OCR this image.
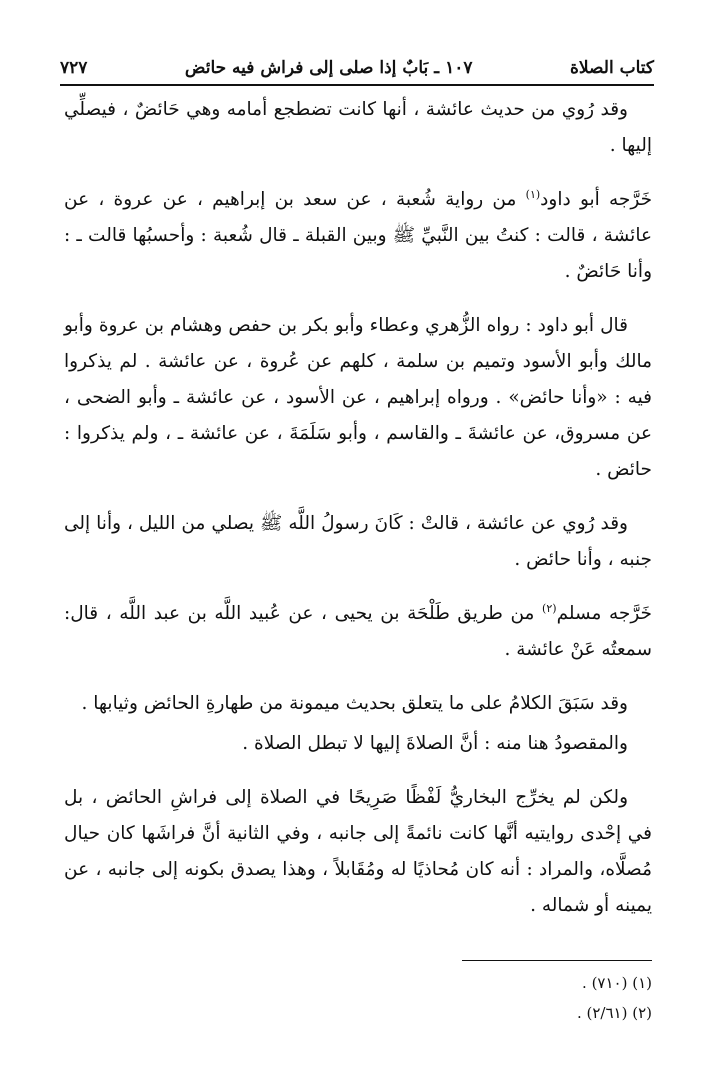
كتاب الصلاة
١٠٧ ـ بَابٌ إذا صلى إلى فراش فيه حائض
٧٢٧

وقد رُوي من حديث عائشة ، أنها كانت تضطجع أمامه وهي حَائضٌ ، فيصلِّي إليها .

خَرَّجه أبو داود$^{(١)}$ من رواية شُعبة ، عن سعد بن إبراهيم ، عن عروة ، عن عائشة ، قالت : كنتُ بين النَّبيِّ ﷺ وبين القبلة ـ قال شُعبة : وأحسبُها قالت ـ : وأنا حَائضٌ .

قال أبو داود : رواه الزُّهري وعطاء وأبو بكر بن حفص وهشام بن عروة وأبو مالك وأبو الأسود وتميم بن سلمة ، كلهم عن عُروة ، عن عائشة . لم يذكروا فيه : «وأنا حائض» . ورواه إبراهيم ، عن الأسود ، عن عائشة ـ وأبو الضحى ، عن مسروق، عن عائشةَ ـ والقاسم ، وأبو سَلَمَةَ ، عن عائشة ـ ، ولم يذكروا : حائض .

وقد رُوي عن عائشة ، قالتْ : كَانَ رسولُ اللَّه ﷺ يصلي من الليل ، وأنا إلى جنبه ، وأنا حائض .

خَرَّجه مسلم$^{(٢)}$ من طريق طَلْحَة بن يحيى ، عن عُبيد اللَّه بن عبد اللَّه ، قال: سمعتُه عَنْ عائشة .

وقد سَبَقَ الكلامُ على ما يتعلق بحديث ميمونة من طهارةِ الحائض وثيابها .

والمقصودُ هنا منه : أنَّ الصلاةَ إليها لا تبطل الصلاة .

ولكن لم يخرِّج البخاريُّ لَفْظًا صَرِيحًا في الصلاة إلى فراشِ الحائض ، بل في إحْدى روايتيه أنَّها كانت نائمةً إلى جانبه ، وفي الثانية أنَّ فراشَها كان حيال مُصلَّاه، والمراد : أنه كان مُحاذيًا له ومُقَابلاً ، وهذا يصدق بكونه إلى جانبه ، عن يمينه أو شماله .

(١) (٧١٠) .
(٢) (٢/٦١) .
